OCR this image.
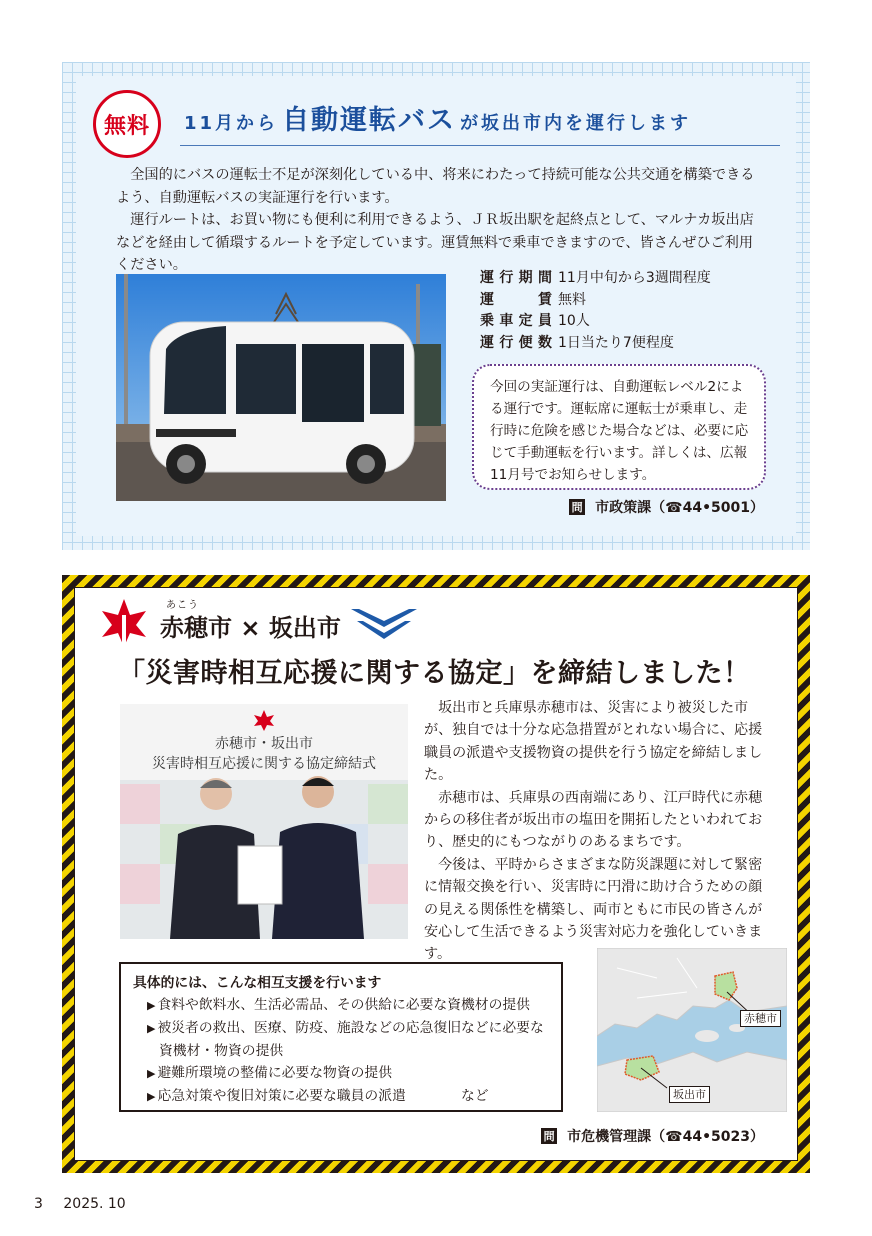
無料	11月から 自動運転バス が坂出市内を運行します

全国的にバスの運転士不足が深刻化している中、将来にわたって持続可能な公共交通を構築できるよう、自動運転バスの実証運行を行います。

運行ルートは、お買い物にも便利に利用できるよう、ＪＲ坂出駅を起終点として、マルナカ坂出店などを経由して循環するルートを予定しています。運賃無料で乗車できますので、皆さんぜひご利用ください。

運行期間 11月中旬から3週間程度
運賃 無料
乗車定員 10人
運行便数 1日当たり7便程度
今回の実証運行は、自動運転レベル2による運行です。運転席に運転士が乗車し、走行時に危険を感じた場合などは、必要に応じて手動運転を行います。詳しくは、広報11月号でお知らせします。
問 市政策課（☎44•5001）
あこう
赤穂市 × 坂出市
「災害時相互応援に関する協定」を締結しました！
赤穂市・坂出市
災害時相互応援に関する協定締結式

坂出市と兵庫県赤穂市は、災害により被災した市が、独自では十分な応急措置がとれない場合に、応援職員の派遣や支援物資の提供を行う協定を締結しました。

赤穂市は、兵庫県の西南端にあり、江戸時代に赤穂からの移住者が坂出市の塩田を開拓したといわれており、歴史的にもつながりのあるまちです。

今後は、平時からさまざまな防災課題に対して緊密に情報交換を行い、災害時に円滑に助け合うための顔の見える関係性を構築し、両市ともに市民の皆さんが安心して生活できるよう災害対応力を強化していきます。

具体的には、こんな相互支援を行います
▶ 食料や飲料水、生活必需品、その供給に必要な資機材の提供
▶ 被災者の救出、医療、防疫、施設などの応急復旧などに必要な資機材・物資の提供
▶ 避難所環境の整備に必要な物資の提供
▶ 応急対策や復旧対策に必要な職員の派遣　　　　など
赤穂市
坂出市
問 市危機管理課（☎44•5023）
3 2025. 10
